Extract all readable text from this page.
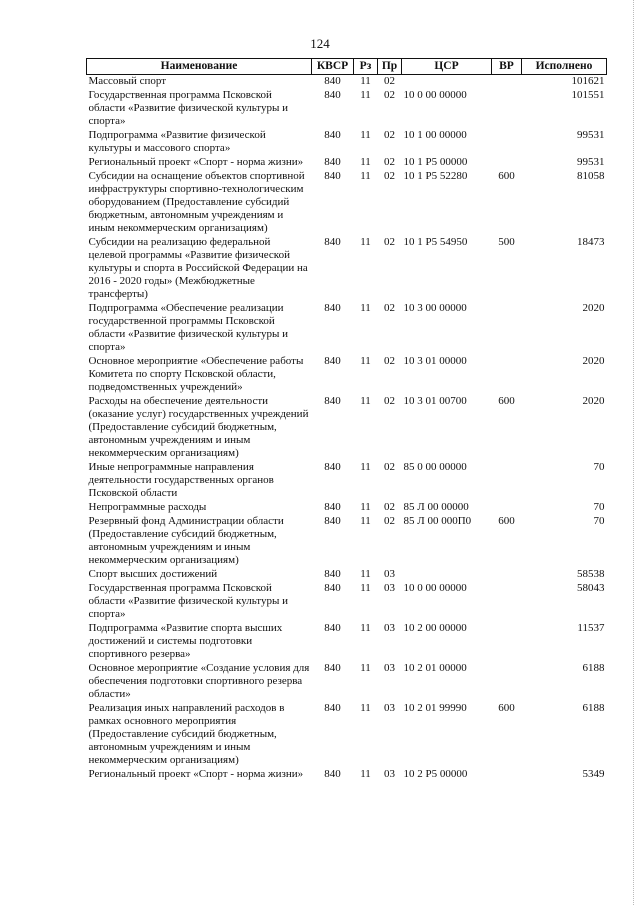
124
Наименование	КВСР	Рз	Пр	ЦСР	ВР	Исполнено
Массовый спорт	840	11	02			101621
Государственная программа Псковской области «Развитие физической культуры и спорта»	840	11	02	10 0 00 00000		101551
Подпрограмма «Развитие физической культуры и массового спорта»	840	11	02	10 1 00 00000		99531
Региональный проект «Спорт - норма жизни»	840	11	02	10 1 Р5 00000		99531
Субсидии на оснащение объектов спортивной инфраструктуры спортивно-технологическим оборудованием (Предоставление субсидий бюджетным, автономным учреждениям и иным некоммерческим организациям)	840	11	02	10 1 Р5 52280	600	81058
Субсидии на реализацию федеральной целевой программы «Развитие физической культуры и спорта в Российской Федерации на 2016 - 2020 годы» (Межбюджетные трансферты)	840	11	02	10 1 Р5 54950	500	18473
Подпрограмма «Обеспечение реализации государственной программы Псковской области «Развитие физической культуры и спорта»	840	11	02	10 3 00 00000		2020
Основное мероприятие «Обеспечение работы Комитета по спорту Псковской области, подведомственных учреждений»	840	11	02	10 3 01 00000		2020
Расходы на обеспечение деятельности (оказание услуг) государственных учреждений (Предоставление субсидий бюджетным, автономным учреждениям и иным некоммерческим организациям)	840	11	02	10 3 01 00700	600	2020
Иные непрограммные направления деятельности государственных органов Псковской области	840	11	02	85 0 00 00000		70
Непрограммные расходы	840	11	02	85 Л 00 00000		70
Резервный фонд Администрации области (Предоставление субсидий бюджетным, автономным учреждениям и иным некоммерческим организациям)	840	11	02	85 Л 00 000П0	600	70
Спорт высших достижений	840	11	03			58538
Государственная программа Псковской области «Развитие физической культуры и спорта»	840	11	03	10 0 00 00000		58043
Подпрограмма «Развитие спорта высших достижений и системы подготовки спортивного резерва»	840	11	03	10 2 00 00000		11537
Основное мероприятие «Создание условия для обеспечения подготовки спортивного резерва области»	840	11	03	10 2 01 00000		6188
Реализация иных направлений расходов в рамках основного мероприятия (Предоставление субсидий бюджетным, автономным учреждениям и иным некоммерческим организациям)	840	11	03	10 2 01 99990	600	6188
Региональный проект «Спорт - норма жизни»	840	11	03	10 2 Р5 00000		5349
